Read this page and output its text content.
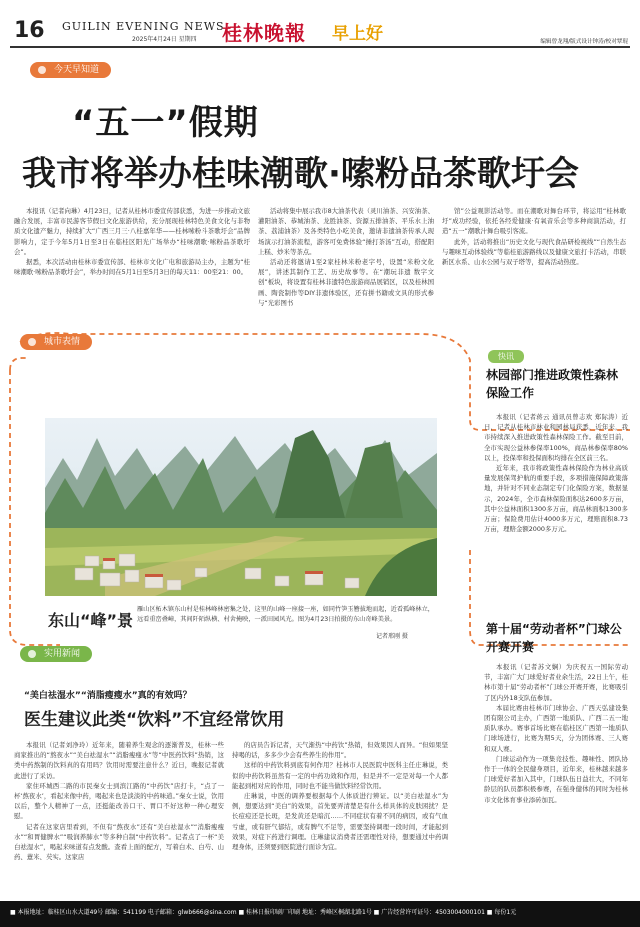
16 GUILIN EVENING NEWS
2025年4月24日 星期四 桂林晚報 早上好	编辑曾龙翔/版式设计钟涛/校对覃琨
今天早知道
“五一”假期
我市将举办桂味潮歌·嗦粉品茶歌圩会

本报讯（记者向琳）4月23日，记者从桂林市委宣传部获悉，为进一步推动文旅融合发展，丰富市民游客节假日文化旅游供给，充分展现桂林特色美食文化与非物质文化遗产魅力，持续扩大“广西三月三·八桂嘉年华——桂林嗦粉斗茶歌圩会”品牌影响力，定于今年5月1日至3日在临桂区阳光广场举办“桂味潮歌·嗦粉品茶歌圩会”。

据悉，本次活动由桂林市委宣传部、桂林市文化广电和旅游局主办，主题为“桂味潮歌·嗦粉品茶歌圩会”，举办时间在5月1日至5月3日的每天11：00至21：00。

活动将集中展示我市8大油茶代表（灵川油茶、兴安油茶、灌阳油茶、恭城油茶、龙胜油茶、资源五排油茶、平乐水上油茶、荔浦油茶）及各类特色小吃美食，邀请非遗油茶传承人现场演示打油茶流程，游客可免费体验“捶打茶汤”互动，搭配阳上糕、炒米等茶点。

活动还将邀请1至2家桂林米粉老字号，设置“米粉文化展”，讲述其制作工艺、历史故事等。在“潮玩非遗 数字文创”板块，将设置有桂林非遗特色旅游商品展销区，以及桂林国画、陶瓷制作等DIY非遗体验区，还有拼书籍或文具的形式参与“光彩图书

馆”公益观影活动等。而在潮歌对舞台环节，将运用“桂林歌圩”成功经验，依托各经爱健康·有氧音乐会等多种商演活动，打造“五一”潮歌汁舞台吸引客流。

此外，活动将推出“历史文化与现代食品研检视线”“自然生态与趣味互动体验线”等临桂旅游路线以及健康文旅打卡活动，串联新区水系、山水公园与双子塔等，提高活动热度。

城市表情
东山“峰”景
雁山区柘木镇东山村是桂林峰林密集之处，这里的山峰一座接一座，如同竹笋玉簪拔地而起，近看孤峰林立，远看重峦叠嶂，其间阡陌纵横、村舍掩映，一派田园风光。图为4月23日拍摄的东山奇峰美景。
记者邢刚 摄
实用新闻
“美白祛湿水”“消脂瘦瘦水”真的有效吗？
医生建议此类“饮料”不宜经常饮用

本报讯（记者刘净玲）近年来，随着养生观念的逐渐普及，桂林一些商家推出的“熬夜水”“美白祛湿水”“消脂瘦瘦水”等“中医药饮料”热销，这类中药熬制的饮料真的有用吗？饮用时需要注意什么？近日，晚报记者就此进行了采访。

家住环城西二路的市民秦女士到滨江路的“中药饮”店打卡，“点了一杯‘熬夜水’，看起来像中药，喝起来也是淡淡的中药味道。”秦女士说，饮用以后，整个人精神了一点，还挺能改善口干、胃口不好这种一种心理安慰。

记者在这家店里看到，不但有“熬夜水”还有“美白祛湿水”“消脂瘦瘦水”“和胃健脾水”“吸润养肺水”等多种自制“中药饮料”。记者点了一杯“美白祛湿水”，喝起来味道有点发酸。查看上面的配方，写着白术、白芍、山药、薏米、芡实。这家店

的店员告诉记者，天气渐热“中药饮”热销，但效果因人而异。“但如果坚持喝的话，多多少少会有些养生的作用”。

这样的中药饮料到底有何作用？桂林市人民医院中医科主任庄琳说，类似的中药饮料虽然有一定的中药功效和作用，但是并不一定是对每一个人都能起到相对应的作用，同时也不能当做饮料经常饮用。

庄琳说，中医的调养要根据每个人体质进行辨证。以“美白祛湿水”为例，想要达到“美白”的效果，首先要弄清楚是有什么样具体的皮肤困扰？是长痘痘还是长斑，是发黄还是暗沉……不同症状有着不同的病因，或有气血亏虚，或有肝气郁结，或有脾气不足等，需要坚持调理一段时间，才能起到效果，对症下药进行调理。庄琳建议消费者还需理性对待，想要通过中药调理身体，还须要到医院进行面诊为宜。

快讯
林园部门推进政策性森林保险工作

本报讯（记者蒋云 通讯员曾志欢 郑际涛）近日，记者从桂林市林业和园林局获悉，近年来，我市持续深入推进政策性森林保险工作。截至目前，全市实现公益林参保率100%，商品林参保率80%以上，投保率和投保面积均排在全区前三名。

近年来，我市将政策性森林保险作为林业高质量发展保驾护航的重要手段，多项措施保障政策落地，并针对不同业态制定专门化保险方案，数据显示，2024年，全市森林保险面积达2600多万亩，其中公益林面积1300多万亩，商品林面积1300多万亩；保险费用估计4000多万元，理赔面积8.73万亩，理赔金额2000多万元。

第十届“劳动者杯”门球公开赛开赛

本报讯（记者苏文娴）为庆祝五一国际劳动节，丰富广大门球爱好者业余生活，22日上午，桂林市第十届“劳动者杯”门球公开赛开赛，比赛吸引了区内外18支队伍参加。

本届比赛由桂林市门球协会、广西天弘建设集团有限公司主办，广西第一地质队、广西二五一地质队承办。赛事首场比赛在临桂区广西第一地质队门球场进行，比赛为期5天，分为团体赛、三人赛和双人赛。

门球运动作为一项集竞技性、趣味性、团队协作于一体的全民健身项目，近年来，桂林越来越多门球爱好者加入其中，门球队伍日益壮大，不同年龄层的队员都积极参赛，在强身健体的同时为桂林市文化体育事业添砖加瓦。

■ 本报地址：临桂区山水大道49号 邮编：541199 电子邮箱：glwb666@sina.com ■ 桂林日报印刷厂印刷 地址：秀峰区桐湖北路1号 ■ 广告经营许可证号：4503004000101 ■ 每份1元
